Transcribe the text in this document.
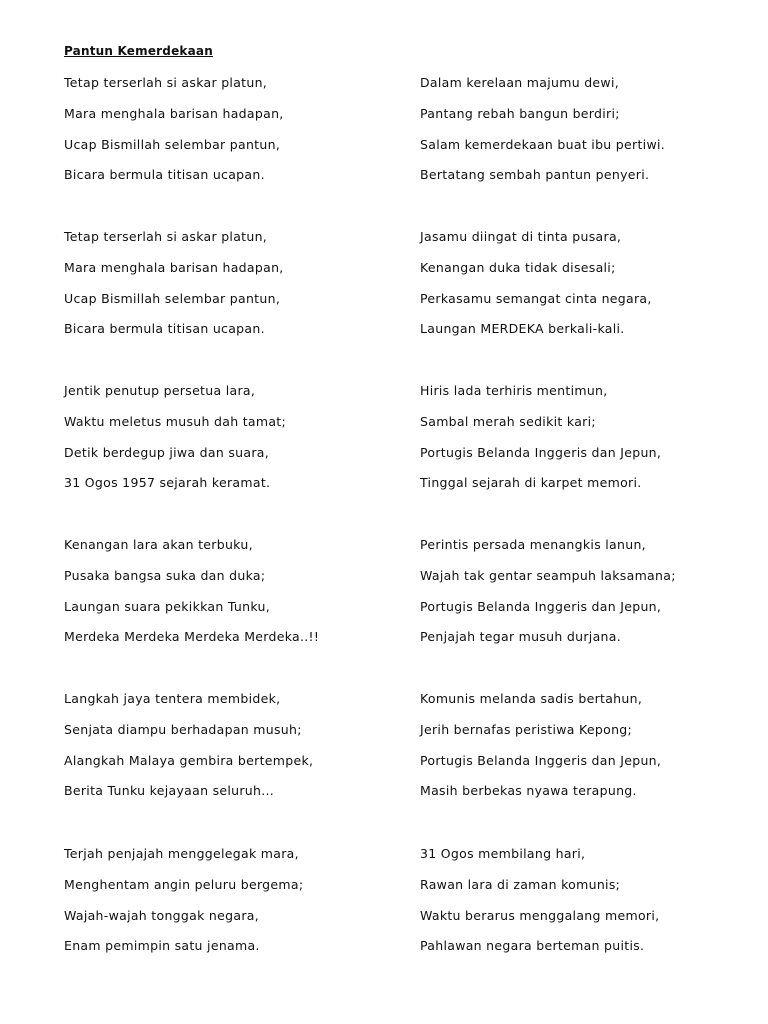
Pantun Kemerdekaan
Tetap terserlah si askar platun,
Mara menghala barisan hadapan,
Ucap Bismillah selembar pantun,
Bicara bermula titisan ucapan.
Dalam kerelaan majumu dewi,
Pantang rebah bangun berdiri;
Salam kemerdekaan buat ibu pertiwi.
Bertatang sembah pantun penyeri.
Tetap terserlah si askar platun,
Mara menghala barisan hadapan,
Ucap Bismillah selembar pantun,
Bicara bermula titisan ucapan.
Jasamu diingat di tinta pusara,
Kenangan duka tidak disesali;
Perkasamu semangat cinta negara,
Laungan MERDEKA berkali-kali.
Jentik penutup persetua lara,
Waktu meletus musuh dah tamat;
Detik berdegup jiwa dan suara,
31 Ogos 1957 sejarah keramat.
Hiris lada terhiris mentimun,
Sambal merah sedikit kari;
Portugis Belanda Inggeris dan Jepun,
Tinggal sejarah di karpet memori.
Kenangan lara akan terbuku,
Pusaka bangsa suka dan duka;
Laungan suara pekikkan Tunku,
Merdeka Merdeka Merdeka Merdeka..!!
Perintis persada menangkis lanun,
Wajah tak gentar seampuh laksamana;
Portugis Belanda Inggeris dan Jepun,
Penjajah tegar musuh durjana.
Langkah jaya tentera membidek,
Senjata diampu berhadapan musuh;
Alangkah Malaya gembira bertempek,
Berita Tunku kejayaan seluruh...
Komunis melanda sadis bertahun,
Jerih bernafas peristiwa Kepong;
Portugis Belanda Inggeris dan Jepun,
Masih berbekas nyawa terapung.
Terjah penjajah menggelegak mara,
Menghentam angin peluru bergema;
Wajah-wajah tonggak negara,
Enam pemimpin satu jenama.
31 Ogos membilang hari,
Rawan lara di zaman komunis;
Waktu berarus menggalang memori,
Pahlawan negara berteman puitis.
